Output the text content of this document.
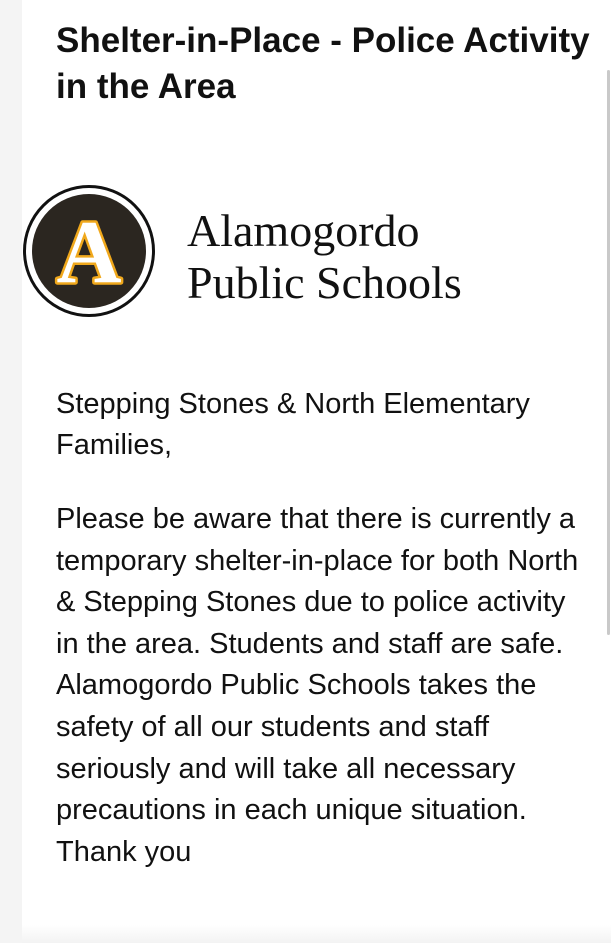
Shelter-in-Place - Police Activity in the Area
A Alamogordo
Public Schools

Stepping Stones & North Elementary Families,

Please be aware that there is currently a temporary shelter-in-place for both North & Stepping Stones due to police activity in the area. Students and staff are safe. Alamogordo Public Schools takes the safety of all our students and staff seriously and will take all necessary precautions in each unique situation. Thank you
